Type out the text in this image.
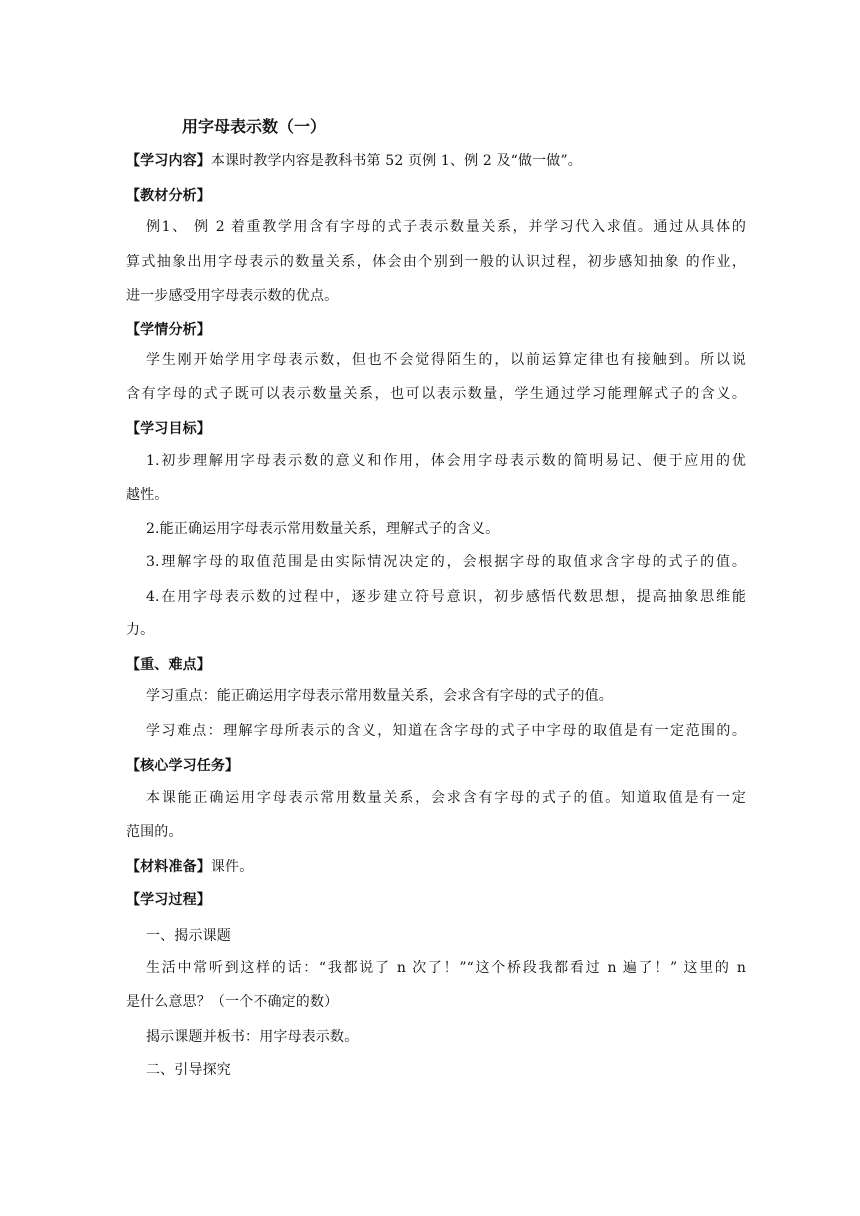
用字母表示数（一）
【学习内容】本课时教学内容是教科书第 52 页例 1、例 2 及“做一做”。
【教材分析】
例1、 例 2 着重教学用含有字母的式子表示数量关系，并学习代入求值。通过从具体的
算式抽象出用字母表示的数量关系，体会由个别到一般的认识过程，初步感知抽象 的作业，
进一步感受用字母表示数的优点。
【学情分析】
学生刚开始学用字母表示数，但也不会觉得陌生的，以前运算定律也有接触到。所以说
含有字母的式子既可以表示数量关系，也可以表示数量，学生通过学习能理解式子的含义。
【学习目标】
1.初步理解用字母表示数的意义和作用，体会用字母表示数的简明易记、便于应用的优
越性。
2.能正确运用字母表示常用数量关系，理解式子的含义。
3.理解字母的取值范围是由实际情况决定的，会根据字母的取值求含字母的式子的值。
4.在用字母表示数的过程中，逐步建立符号意识，初步感悟代数思想，提高抽象思维能
力。
【重、难点】
学习重点：能正确运用字母表示常用数量关系，会求含有字母的式子的值。
学习难点：理解字母所表示的含义，知道在含字母的式子中字母的取值是有一定范围的。
【核心学习任务】
本课能正确运用字母表示常用数量关系，会求含有字母的式子的值。知道取值是有一定
范围的。
【材料准备】课件。
【学习过程】
一、揭示课题
生活中常听到这样的话：“我都说了 n 次了！”“这个桥段我都看过 n 遍了！” 这里的 n
是什么意思？（一个不确定的数）
揭示课题并板书：用字母表示数。
二、引导探究
